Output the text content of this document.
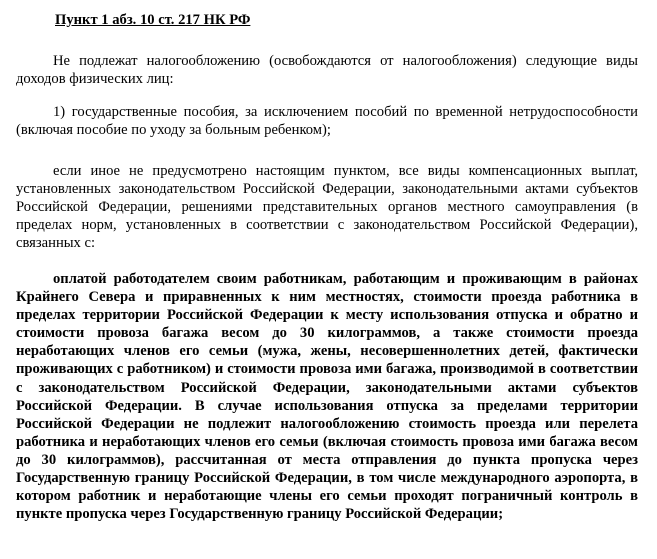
Пункт 1 абз. 10 ст. 217 НК РФ

Не подлежат налогообложению (освобождаются от налогообложения) следующие виды доходов физических лиц:

1) государственные пособия, за исключением пособий по временной нетрудоспособности (включая пособие по уходу за больным ребенком);

если иное не предусмотрено настоящим пунктом, все виды компенсационных выплат, установленных законодательством Российской Федерации, законодательными актами субъектов Российской Федерации, решениями представительных органов местного самоуправления (в пределах норм, установленных в соответствии с законодательством Российской Федерации), связанных с:

оплатой работодателем своим работникам, работающим и проживающим в районах Крайнего Севера и приравненных к ним местностях, стоимости проезда работника в пределах территории Российской Федерации к месту использования отпуска и обратно и стоимости провоза багажа весом до 30 килограммов, а также стоимости проезда неработающих членов его семьи (мужа, жены, несовершеннолетних детей, фактически проживающих с работником) и стоимости провоза ими багажа, производимой в соответствии с законодательством Российской Федерации, законодательными актами субъектов Российской Федерации. В случае использования отпуска за пределами территории Российской Федерации не подлежит налогообложению стоимость проезда или перелета работника и неработающих членов его семьи (включая стоимость провоза ими багажа весом до 30 килограммов), рассчитанная от места отправления до пункта пропуска через Государственную границу Российской Федерации, в том числе международного аэропорта, в котором работник и неработающие члены его семьи проходят пограничный контроль в пункте пропуска через Государственную границу Российской Федерации;
